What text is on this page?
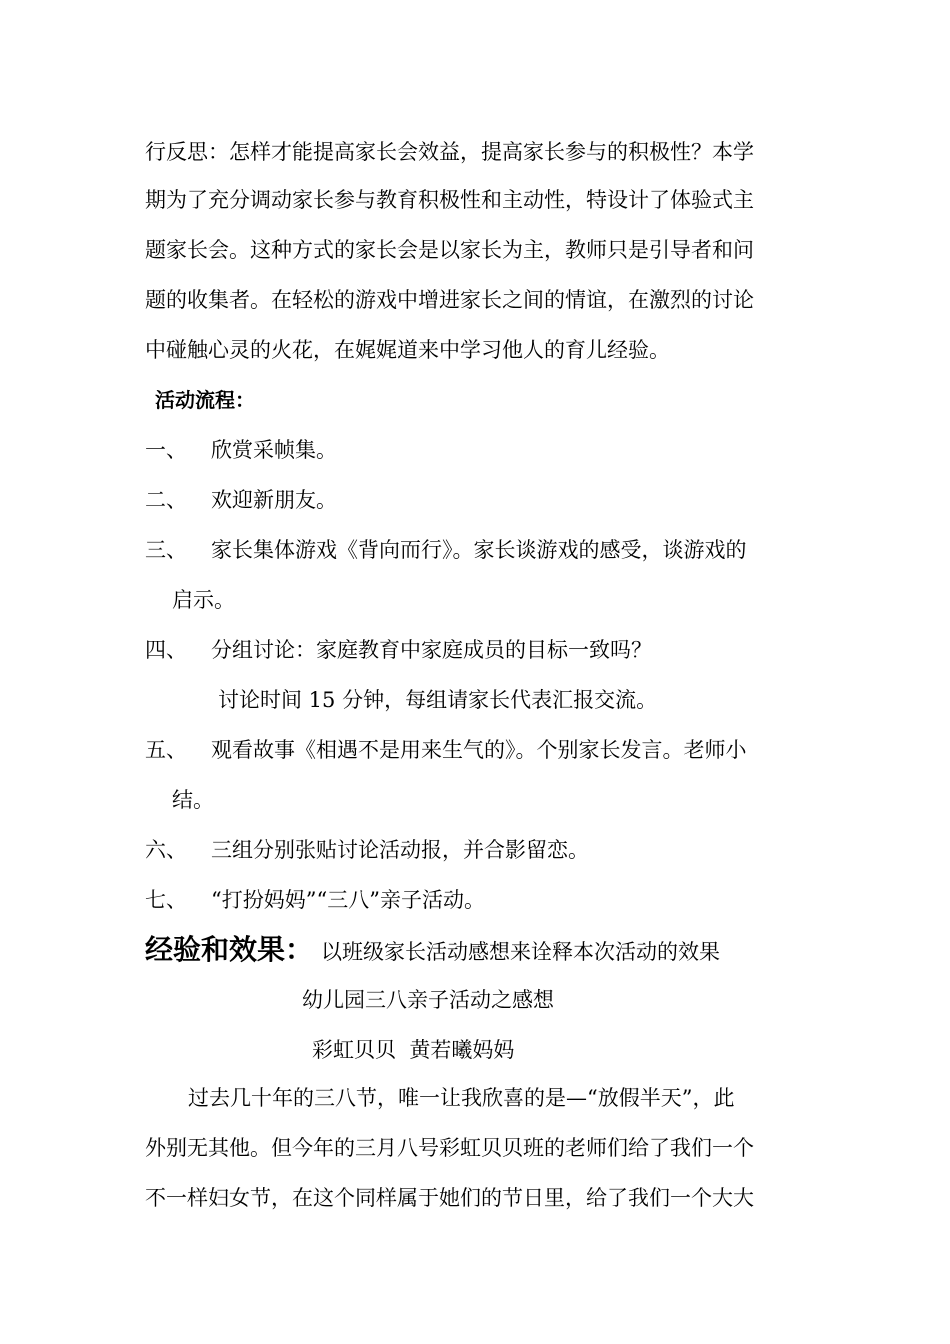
行反思：怎样才能提高家长会效益，提高家长参与的积极性？本学
期为了充分调动家长参与教育积极性和主动性，特设计了体验式主
题家长会。这种方式的家长会是以家长为主，教师只是引导者和问
题的收集者。在轻松的游戏中增进家长之间的情谊，在激烈的讨论
中碰触心灵的火花，在娓娓道来中学习他人的育儿经验。
活动流程：
一、 欣赏采帧集。
二、 欢迎新朋友。
三、 家长集体游戏《背向而行》。家长谈游戏的感受，谈游戏的
启示。
四、 分组讨论：家庭教育中家庭成员的目标一致吗？
讨论时间 15 分钟，每组请家长代表汇报交流。
五、 观看故事《相遇不是用来生气的》。个别家长发言。老师小
结。
六、 三组分别张贴讨论活动报，并合影留恋。
七、 “打扮妈妈”“三八”亲子活动。
经验和效果： 以班级家长活动感想来诠释本次活动的效果
幼儿园三八亲子活动之感想
彩虹贝贝  黄若曦妈妈
过去几十年的三八节，唯一让我欣喜的是—“放假半天”，此
外别无其他。但今年的三月八号彩虹贝贝班的老师们给了我们一个
不一样妇女节，在这个同样属于她们的节日里，给了我们一个大大
